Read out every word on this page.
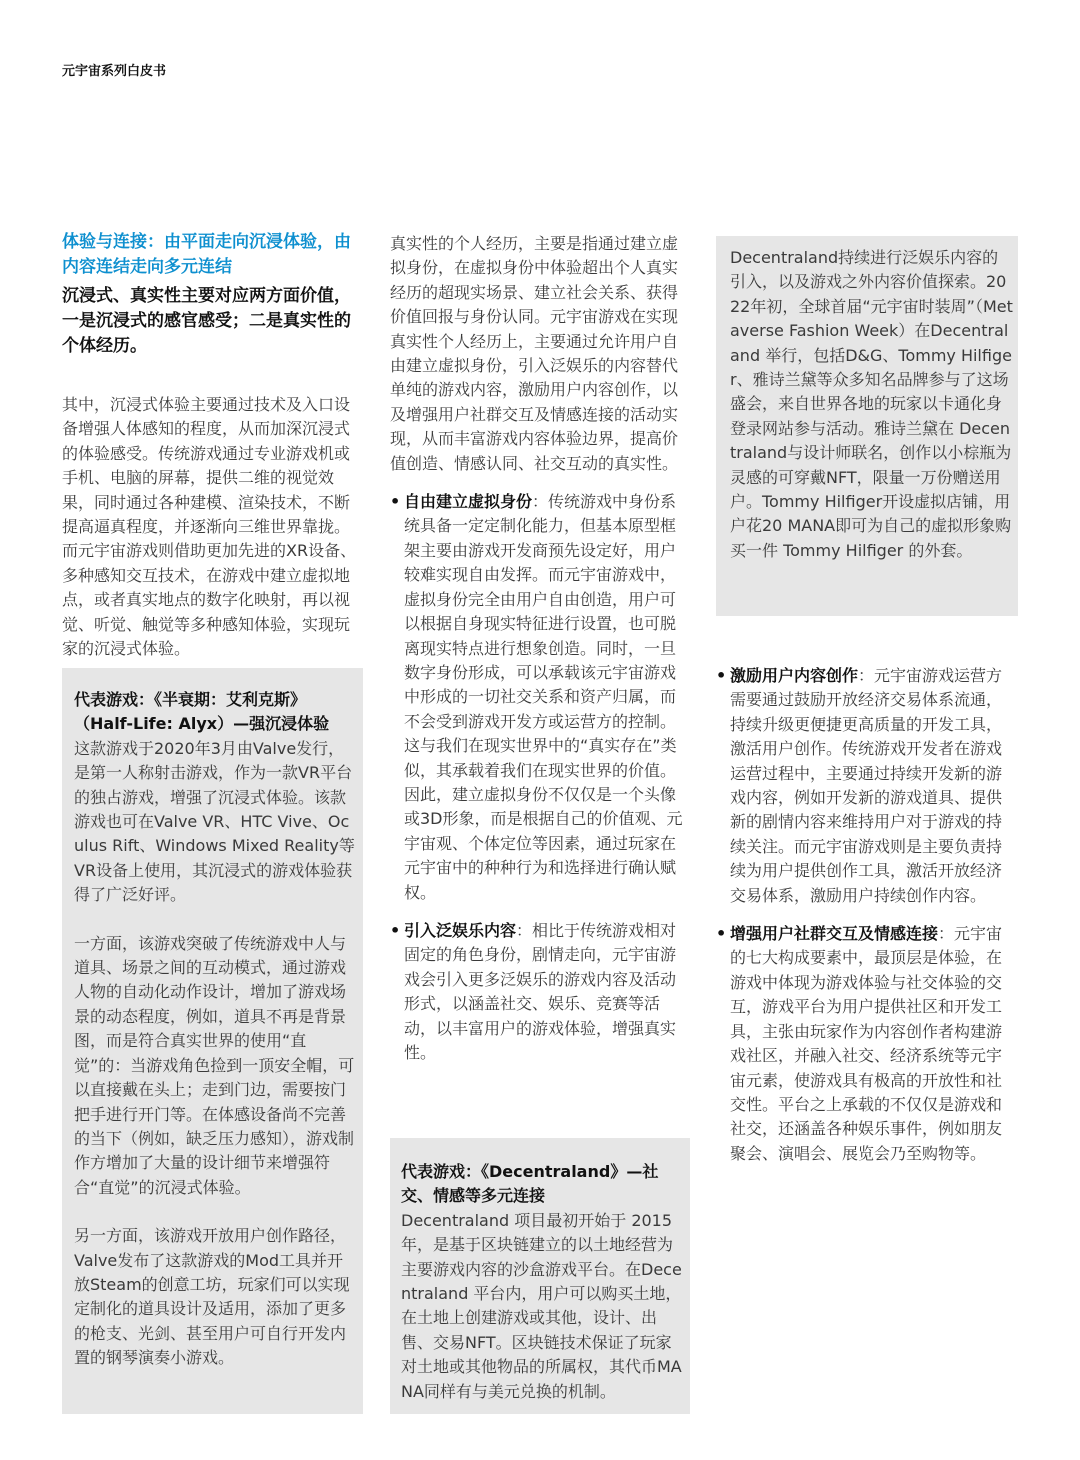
元宇宙系列白皮书

体验与连接：由平面走向沉浸体验，由内容连结走向多元连结

沉浸式、真实性主要对应两方面价值，一是沉浸式的感官感受；二是真实性的个体经历。

其中，沉浸式体验主要通过技术及入口设备增强人体感知的程度，从而加深沉浸式的体验感受。传统游戏通过专业游戏机或手机、电脑的屏幕，提供二维的视觉效果，同时通过各种建模、渲染技术，不断提高逼真程度，并逐渐向三维世界靠拢。而元宇宙游戏则借助更加先进的XR设备、多种感知交互技术，在游戏中建立虚拟地点，或者真实地点的数字化映射，再以视觉、听觉、触觉等多种感知体验，实现玩家的沉浸式体验。

代表游戏：《半衰期：艾利克斯》（Half-Life: Alyx）—强沉浸体验

这款游戏于2020年3月由Valve发行，是第一人称射击游戏，作为一款VR平台的独占游戏，增强了沉浸式体验。该款游戏也可在Valve VR、HTC Vive、Oculus Rift、Windows Mixed Reality等VR设备上使用，其沉浸式的游戏体验获得了广泛好评。

一方面，该游戏突破了传统游戏中人与道具、场景之间的互动模式，通过游戏人物的自动化动作设计，增加了游戏场景的动态程度，例如，道具不再是背景图，而是符合真实世界的使用“直觉”的：当游戏角色捡到一顶安全帽，可以直接戴在头上；走到门边，需要按门把手进行开门等。在体感设备尚不完善的当下（例如，缺乏压力感知），游戏制作方增加了大量的设计细节来增强符合“直觉”的沉浸式体验。

另一方面，该游戏开放用户创作路径，Valve发布了这款游戏的Mod工具并开放Steam的创意工坊，玩家们可以实现定制化的道具设计及适用，添加了更多的枪支、光剑、甚至用户可自行开发内置的钢琴演奏小游戏。

真实性的个人经历，主要是指通过建立虚拟身份，在虚拟身份中体验超出个人真实经历的超现实场景、建立社会关系、获得价值回报与身份认同。元宇宙游戏在实现真实性个人经历上，主要通过允许用户自由建立虚拟身份，引入泛娱乐的内容替代单纯的游戏内容，激励用户内容创作，以及增强用户社群交互及情感连接的活动实现，从而丰富游戏内容体验边界，提高价值创造、情感认同、社交互动的真实性。

• 自由建立虚拟身份：传统游戏中身份系统具备一定定制化能力，但基本原型框架主要由游戏开发商预先设定好，用户较难实现自由发挥。而元宇宙游戏中，虚拟身份完全由用户自由创造，用户可以根据自身现实特征进行设置，也可脱离现实特点进行想象创造。同时，一旦数字身份形成，可以承载该元宇宙游戏中形成的一切社交关系和资产归属，而不会受到游戏开发方或运营方的控制。这与我们在现实世界中的“真实存在”类似，其承载着我们在现实世界的价值。因此，建立虚拟身份不仅仅是一个头像或3D形象，而是根据自己的价值观、元宇宙观、个体定位等因素，通过玩家在元宇宙中的种种行为和选择进行确认赋权。
• 引入泛娱乐内容：相比于传统游戏相对固定的角色身份，剧情走向，元宇宙游戏会引入更多泛娱乐的游戏内容及活动形式，以涵盖社交、娱乐、竞赛等活动，以丰富用户的游戏体验，增强真实性。

代表游戏：《Decentraland》—社交、情感等多元连接

Decentraland 项目最初开始于 2015 年，是基于区块链建立的以土地经营为主要游戏内容的沙盒游戏平台。在Decentraland 平台内，用户可以购买土地，在土地上创建游戏或其他，设计、出售、交易NFT。区块链技术保证了玩家对土地或其他物品的所属权，其代币MANA同样有与美元兑换的机制。

Decentraland持续进行泛娱乐内容的引入，以及游戏之外内容价值探索。2022年初，全球首届“元宇宙时装周”（Metaverse Fashion Week）在Decentraland 举行，包括D&G、Tommy Hilfiger、雅诗兰黛等众多知名品牌参与了这场盛会，来自世界各地的玩家以卡通化身登录网站参与活动。雅诗兰黛在 Decentraland与设计师联名，创作以小棕瓶为灵感的可穿戴NFT，限量一万份赠送用户。Tommy Hilfiger开设虚拟店铺，用户花20 MANA即可为自己的虚拟形象购买一件 Tommy Hilfiger 的外套。

• 激励用户内容创作：元宇宙游戏运营方需要通过鼓励开放经济交易体系流通，持续升级更便捷更高质量的开发工具，激活用户创作。传统游戏开发者在游戏运营过程中，主要通过持续开发新的游戏内容，例如开发新的游戏道具、提供新的剧情内容来维持用户对于游戏的持续关注。而元宇宙游戏则是主要负责持续为用户提供创作工具，激活开放经济交易体系，激励用户持续创作内容。
• 增强用户社群交互及情感连接：元宇宙的七大构成要素中，最顶层是体验，在游戏中体现为游戏体验与社交体验的交互，游戏平台为用户提供社区和开发工具，主张由玩家作为内容创作者构建游戏社区，并融入社交、经济系统等元宇宙元素，使游戏具有极高的开放性和社交性。平台之上承载的不仅仅是游戏和社交，还涵盖各种娱乐事件，例如朋友聚会、演唱会、展览会乃至购物等。
